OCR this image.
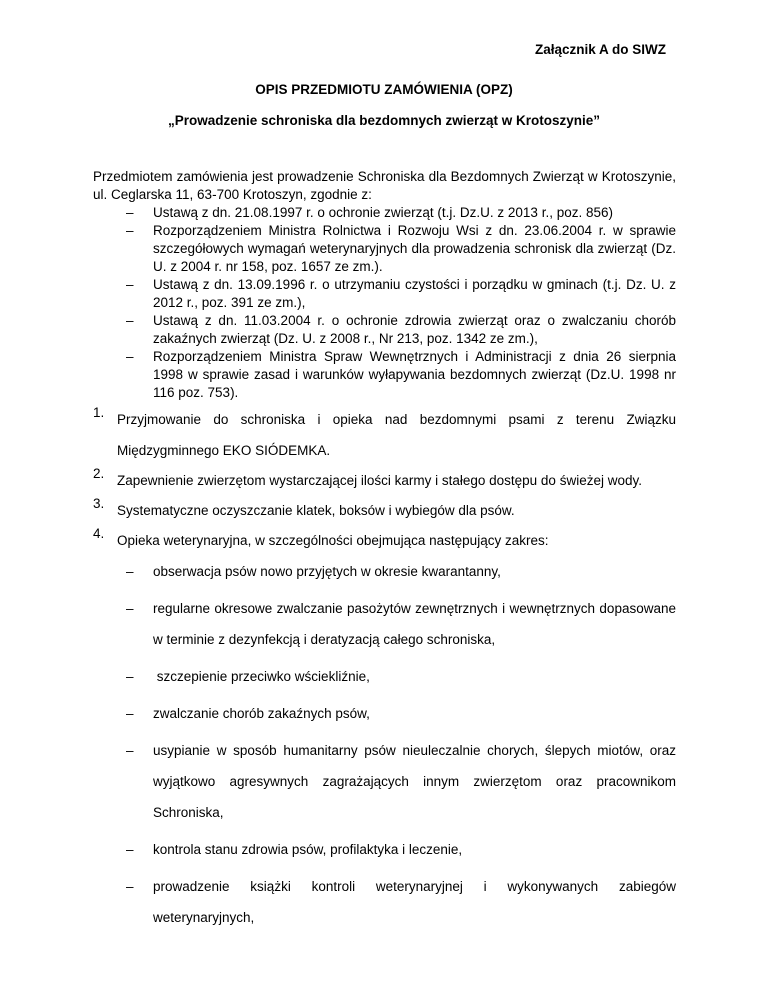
Załącznik A do SIWZ
OPIS PRZEDMIOTU ZAMÓWIENIA (OPZ)
„Prowadzenie schroniska dla bezdomnych zwierząt w Krotoszynie”

Przedmiotem zamówienia jest prowadzenie Schroniska dla Bezdomnych Zwierząt w Krotoszynie, ul. Ceglarska 11, 63-700 Krotoszyn, zgodnie z:

– Ustawą z dn. 21.08.1997 r. o ochronie zwierząt (t.j. Dz.U. z 2013 r., poz. 856)
– Rozporządzeniem Ministra Rolnictwa i Rozwoju Wsi z dn. 23.06.2004 r. w sprawie szczegółowych wymagań weterynaryjnych dla prowadzenia schronisk dla zwierząt (Dz. U. z 2004 r. nr 158, poz. 1657 ze zm.).
– Ustawą z dn. 13.09.1996 r. o utrzymaniu czystości i porządku w gminach (t.j. Dz. U. z 2012 r., poz. 391 ze zm.),
– Ustawą z dn. 11.03.2004 r. o ochronie zdrowia zwierząt oraz o zwalczaniu chorób zakaźnych zwierząt (Dz. U. z 2008 r., Nr 213, poz. 1342 ze zm.),
– Rozporządzeniem Ministra Spraw Wewnętrznych i Administracji z dnia 26 sierpnia 1998 w sprawie zasad i warunków wyłapywania bezdomnych zwierząt (Dz.U. 1998 nr 116 poz. 753).
1. Przyjmowanie do schroniska i opieka nad bezdomnymi psami z terenu Związku Międzygminnego EKO SIÓDEMKA.
2. Zapewnienie zwierzętom wystarczającej ilości karmy i stałego dostępu do świeżej wody.
3. Systematyczne oczyszczanie klatek, boksów i wybiegów dla psów.
4. Opieka weterynaryjna, w szczególności obejmująca następujący zakres:
– obserwacja psów nowo przyjętych w okresie kwarantanny,
– regularne okresowe zwalczanie pasożytów zewnętrznych i wewnętrznych dopasowane w terminie z dezynfekcją i deratyzacją całego schroniska,
– szczepienie przeciwko wściekliźnie,
– zwalczanie chorób zakaźnych psów,
– usypianie w sposób humanitarny psów nieuleczalnie chorych, ślepych miotów, oraz wyjątkowo agresywnych zagrażających innym zwierzętom oraz pracownikom Schroniska,
– kontrola stanu zdrowia psów, profilaktyka i leczenie,
– prowadzenie książki kontroli weterynaryjnej i wykonywanych zabiegów weterynaryjnych,
